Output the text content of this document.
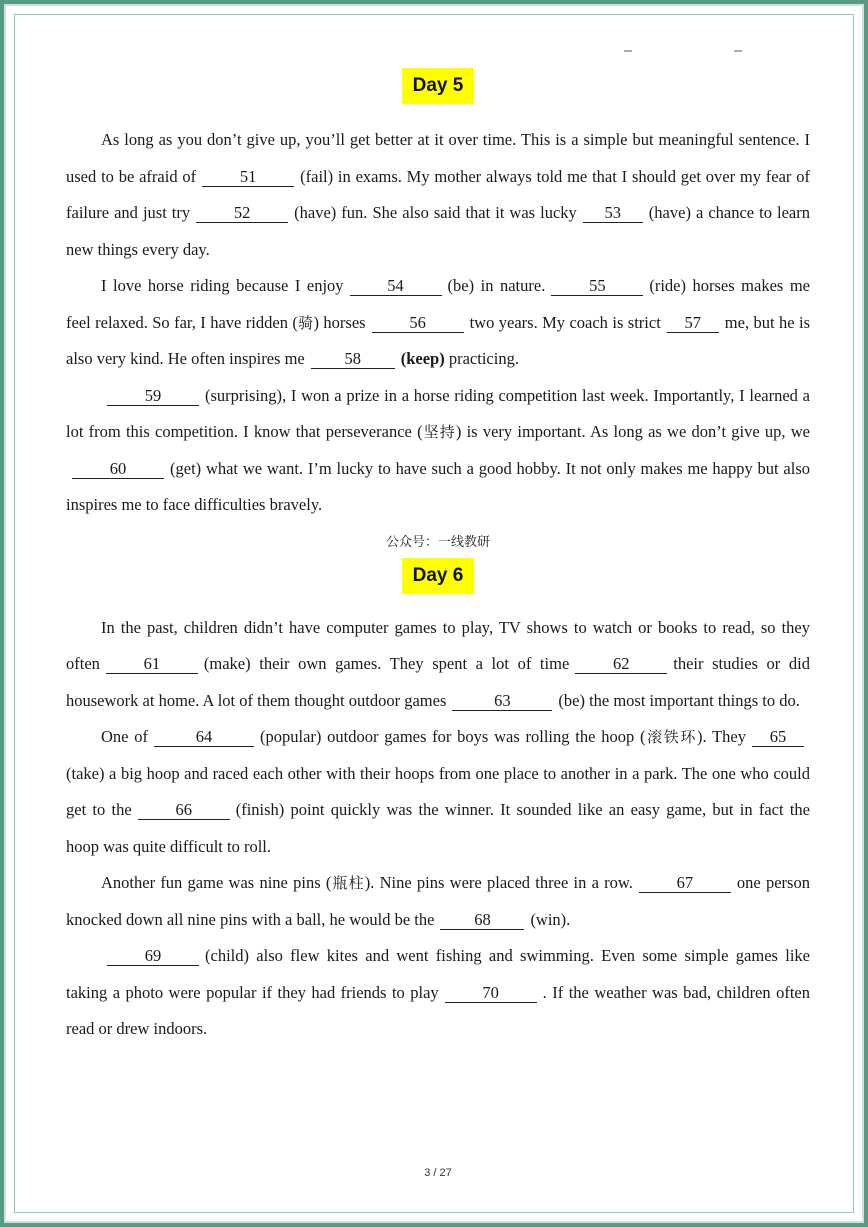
Day 5

As long as you don’t give up, you’ll get better at it over time. This is a simple but meaningful sentence. I used to be afraid of	51	(fail) in exams. My mother always told me that I should get over my fear of failure and just try	52	(have) fun. She also said that it was lucky 53 (have) a chance to learn new things every day.

I love horse riding because I enjoy	54	(be) in nature.	55	(ride) horses makes me feel relaxed. So far, I have ridden (骑) horses	56	two years. My coach is strict 57 me, but he is also very kind. He often inspires me 58 (keep) practicing.

59	(surprising), I won a prize in a horse riding competition last week. Importantly, I learned a lot from this competition. I know that perseverance (坚持) is very important. As long as we don’t give up, we60	(get) what we want. I’m lucky to have such a good hobby. It not only makes me happy but also inspires me to face difficulties bravely.

公众号：一线教研
Day 6

In the past, children didn’t have computer games to play, TV shows to watch or books to read, so they often	61	(make) their own games. They spent a lot of time	62	their studies or did housework at home. A lot of them thought outdoor games	63	(be) the most important things to do.

One of	64	(popular) outdoor games for boys was rolling the hoop (滚铁环). They 65(take) a big hoop and raced each other with their hoops from one place to another in a park. The one who could get to the	66	(finish) point quickly was the winner. It sounded like an easy game, but in fact the hoop was quite difficult to roll.

Another fun game was nine pins (瓶柱). Nine pins were placed three in a row.	67	one person knocked down all nine pins with a ball, he would be the 68 (win).

69	(child) also flew kites and went fishing and swimming. Even some simple games like taking a photo were popular if they had friends to play	70	. If the weather was bad, children often read or drew indoors.

3 / 27
